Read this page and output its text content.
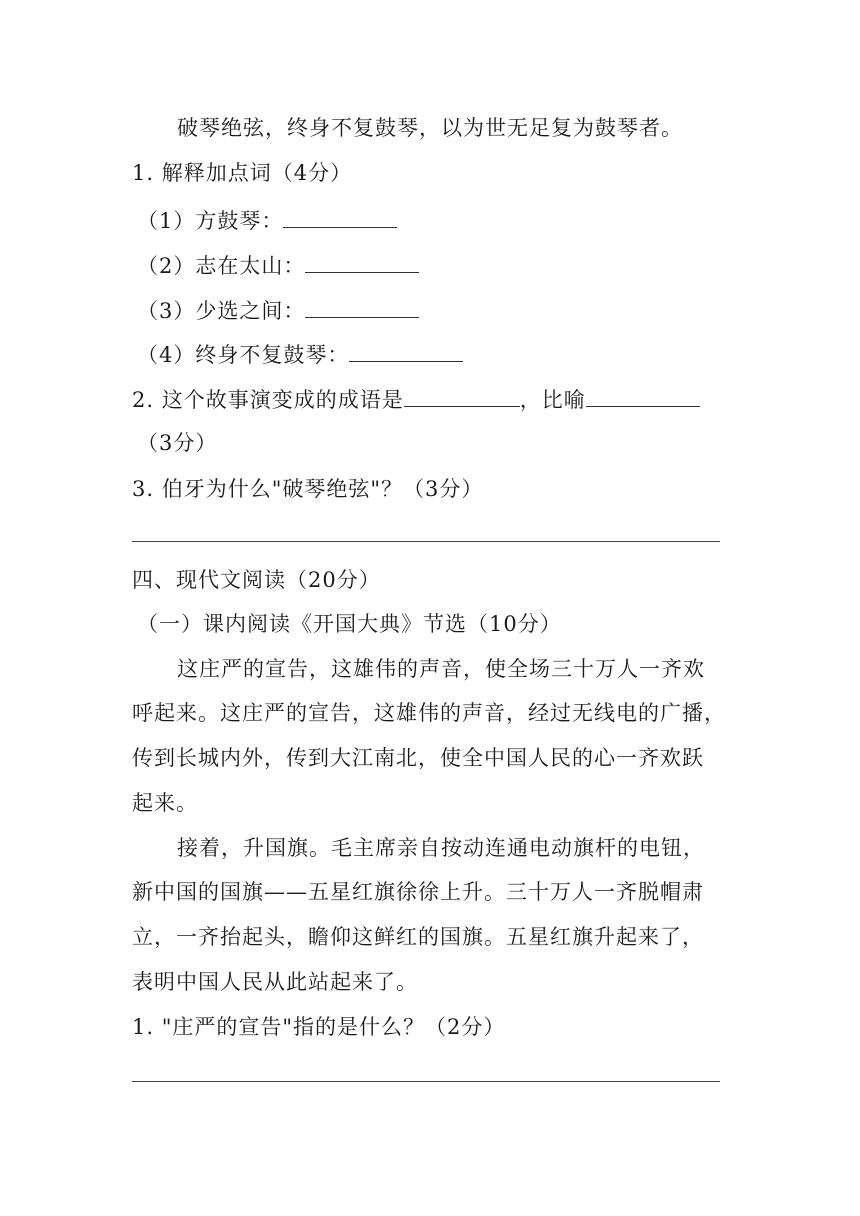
破琴绝弦，终身不复鼓琴，以为世无足复为鼓琴者。
1. 解释加点词（4分）
（1）方鼓琴：
（2）志在太山：
（3）少选之间：
（4）终身不复鼓琴：
2. 这个故事演变成的成语是	，比喻
（3分）
3. 伯牙为什么"破琴绝弦"？（3分）
四、现代文阅读（20分）
（一）课内阅读《开国大典》节选（10分）
这庄严的宣告，这雄伟的声音，使全场三十万人一齐欢
呼起来。这庄严的宣告，这雄伟的声音，经过无线电的广播，
传到长城内外，传到大江南北，使全中国人民的心一齐欢跃
起来。
接着，升国旗。毛主席亲自按动连通电动旗杆的电钮，
新中国的国旗——五星红旗徐徐上升。三十万人一齐脱帽肃
立，一齐抬起头，瞻仰这鲜红的国旗。五星红旗升起来了，
表明中国人民从此站起来了。
1. "庄严的宣告"指的是什么？（2分）
